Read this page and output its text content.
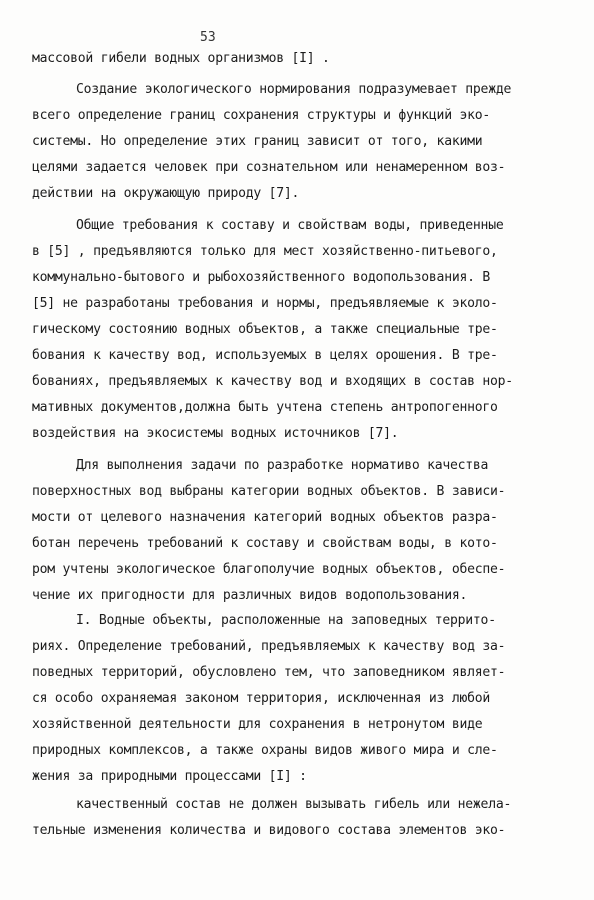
53
массовой гибели водных организмов [I] .
Создание экологического нормирования подразумевает прежде
всего определение границ сохранения структуры и функций эко-
системы. Но определение этих границ зависит от того, какими
целями задается человек при сознательном или ненамеренном воз-
действии на окружающую природу [7].
Общие требования к составу и свойствам воды, приведенные
в [5] , предъявляются только для мест хозяйственно-питьевого,
коммунально-бытового и рыбохозяйственного водопользования. В
[5] не разработаны требования и нормы, предъявляемые к эколо-
гическому состоянию водных объектов, а также специальные тре-
бования к качеству вод, используемых в целях орошения. В тре-
бованиях, предъявляемых к качеству вод и входящих в состав нор-
мативных документов,должна быть учтена степень антропогенного
воздействия на экосистемы водных источников [7].
Для выполнения задачи по разработке нормативо качества
поверхностных вод выбраны категории водных объектов. В зависи-
мости от целевого назначения категорий водных объектов разра-
ботан перечень требований к составу и свойствам воды, в кото-
ром учтены экологическое благополучие водных объектов, обеспе-
чение их пригодности для различных видов водопользования.
I. Водные объекты, расположенные на заповедных террито-
риях. Определение требований, предъявляемых к качеству вод за-
поведных территорий, обусловлено тем, что заповедником являет-
ся особо охраняемая законом территория, исключенная из любой
хозяйственной деятельности для сохранения в нетронутом виде
природных комплексов, а также охраны видов живого мира и сле-
жения за природными процессами [I] :
качественный состав не должен вызывать гибель или нежела-
тельные изменения количества и видового состава элементов эко-
